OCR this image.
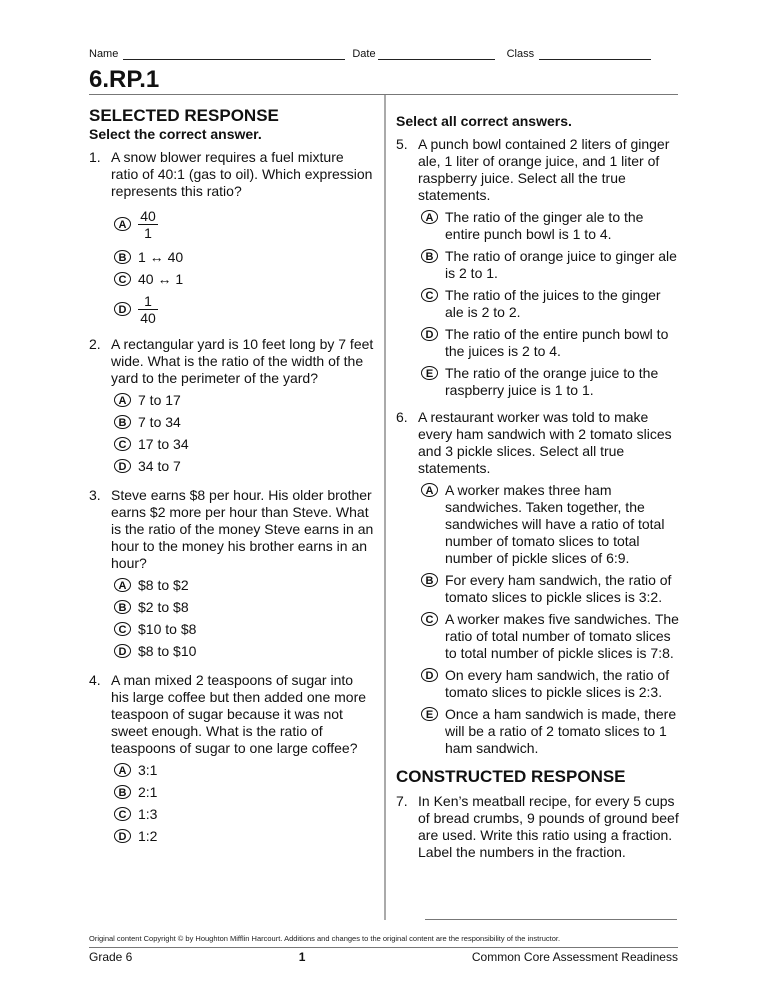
Name	Date	Class
6.RP.1
SELECTED RESPONSE
Select the correct answer.
1. A snow blower requires a fuel mixture ratio of 40:1 (gas to oil). Which expression represents this ratio?
A $\frac{40}{1}$
B 1 ↔ 40
C 40 ↔ 1
D $\frac{1}{40}$
2. A rectangular yard is 10 feet long by 7 feet wide. What is the ratio of the width of the yard to the perimeter of the yard?
A 7 to 17
B 7 to 34
C 17 to 34
D 34 to 7
3. Steve earns $8 per hour. His older brother earns $2 more per hour than Steve. What is the ratio of the money Steve earns in an hour to the money his brother earns in an hour?
A $8 to $2
B $2 to $8
C $10 to $8
D $8 to $10
4. A man mixed 2 teaspoons of sugar into his large coffee but then added one more teaspoon of sugar because it was not sweet enough. What is the ratio of teaspoons of sugar to one large coffee?
A 3:1
B 2:1
C 1:3
D 1:2
Select all correct answers.
5. A punch bowl contained 2 liters of ginger ale, 1 liter of orange juice, and 1 liter of raspberry juice. Select all the true statements.
A The ratio of the ginger ale to the entire punch bowl is 1 to 4.
B The ratio of orange juice to ginger ale is 2 to 1.
C The ratio of the juices to the ginger ale is 2 to 2.
D The ratio of the entire punch bowl to the juices is 2 to 4.
E The ratio of the orange juice to the raspberry juice is 1 to 1.
6. A restaurant worker was told to make every ham sandwich with 2 tomato slices and 3 pickle slices. Select all true statements.
A A worker makes three ham sandwiches. Taken together, the sandwiches will have a ratio of total number of tomato slices to total number of pickle slices of 6:9.
B For every ham sandwich, the ratio of tomato slices to pickle slices is 3:2.
C A worker makes five sandwiches. The ratio of total number of tomato slices to total number of pickle slices is 7:8.
D On every ham sandwich, the ratio of tomato slices to pickle slices is 2:3.
E Once a ham sandwich is made, there will be a ratio of 2 tomato slices to 1 ham sandwich.
CONSTRUCTED RESPONSE
7. In Ken’s meatball recipe, for every 5 cups of bread crumbs, 9 pounds of ground beef are used. Write this ratio using a fraction. Label the numbers in the fraction.
Original content Copyright © by Houghton Mifflin Harcourt. Additions and changes to the original content are the responsibility of the instructor.
Grade 6	1	Common Core Assessment Readiness
